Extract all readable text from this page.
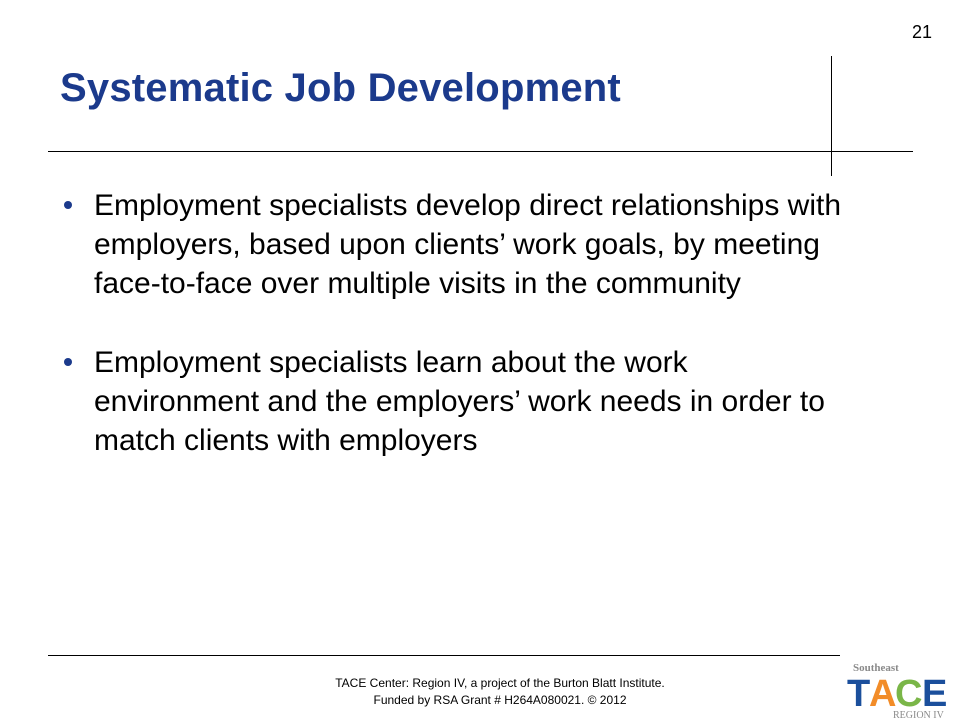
21
Systematic Job Development
Employment specialists develop direct relationships with employers, based upon clients’ work goals, by meeting face-to-face over multiple visits in the community
Employment specialists learn about the work environment and the employers’ work needs in order to match clients with employers
TACE Center: Region IV, a project of the Burton Blatt Institute.
Funded by RSA Grant # H264A080021. © 2012
Southeast
T
A
C E
REGION IV
